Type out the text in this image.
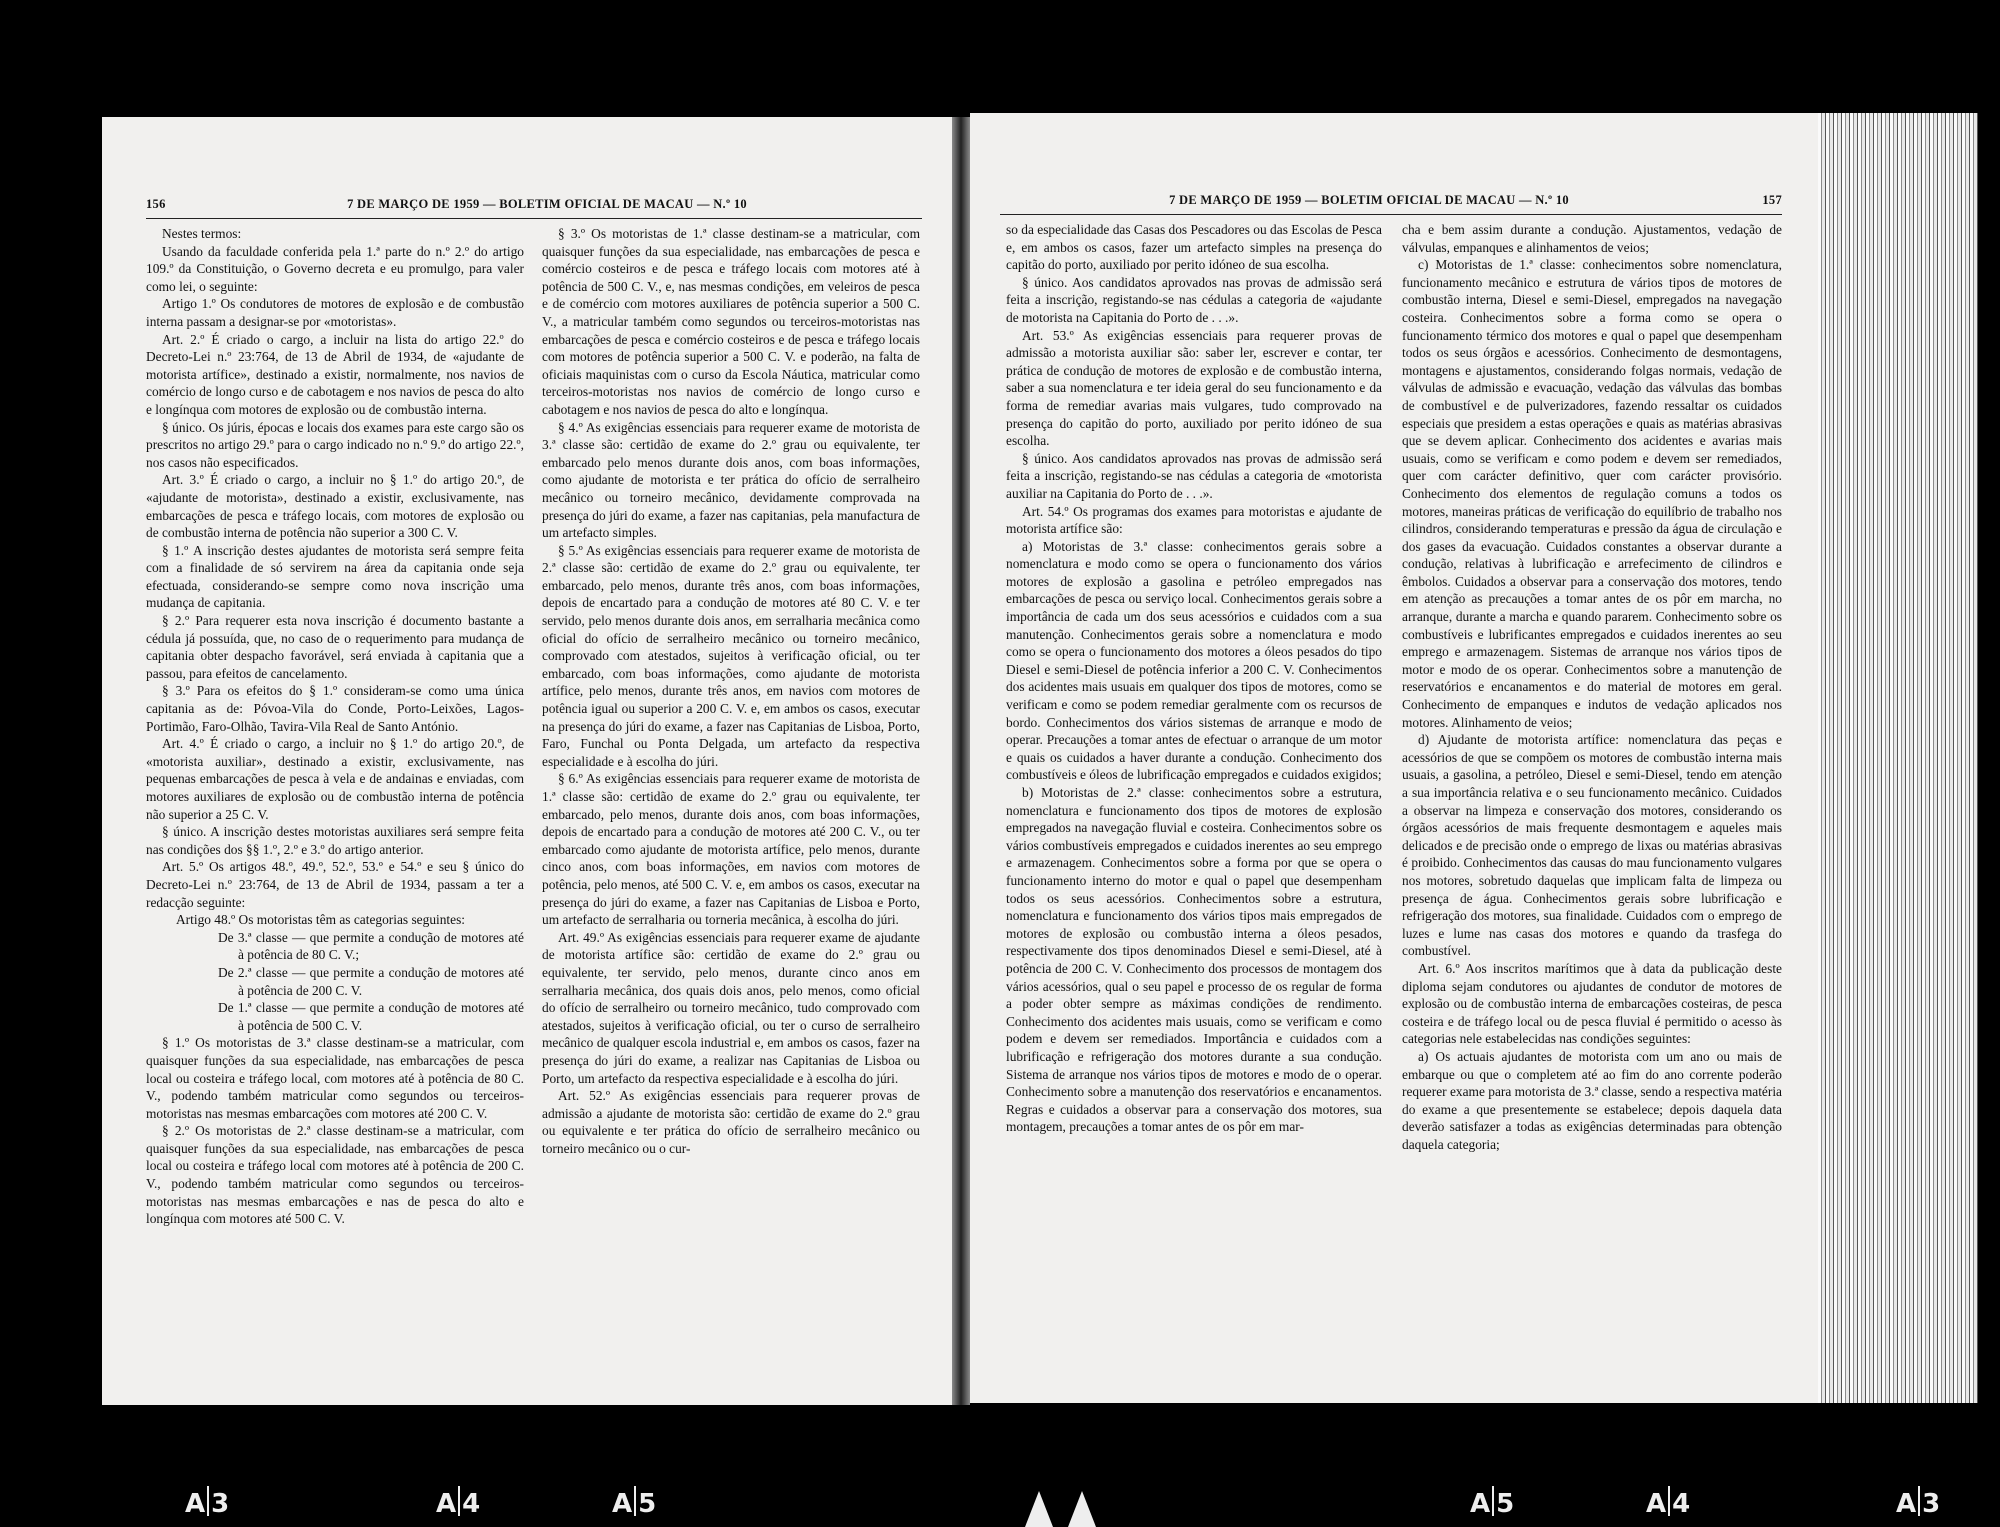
156	7 DE MARÇO DE 1959 — BOLETIM OFICIAL DE MACAU — N.º 10

Nestes termos:

Usando da faculdade conferida pela 1.ª parte do n.º 2.º do artigo 109.º da Constituição, o Governo decreta e eu promulgo, para valer como lei, o seguinte:

Artigo 1.º Os condutores de motores de explosão e de combustão interna passam a designar-se por «motoristas».

Art. 2.º É criado o cargo, a incluir na lista do artigo 22.º do Decreto-Lei n.º 23:764, de 13 de Abril de 1934, de «ajudante de motorista artífice», destinado a existir, normalmente, nos navios de comércio de longo curso e de cabotagem e nos navios de pesca do alto e longínqua com motores de explosão ou de combustão interna.

§ único. Os júris, épocas e locais dos exames para este cargo são os prescritos no artigo 29.º para o cargo indicado no n.º 9.º do artigo 22.º, nos casos não especificados.

Art. 3.º É criado o cargo, a incluir no § 1.º do artigo 20.º, de «ajudante de motorista», destinado a existir, exclusivamente, nas embarcações de pesca e tráfego locais, com motores de explosão ou de combustão interna de potência não superior a 300 C. V.

§ 1.º A inscrição destes ajudantes de motorista será sempre feita com a finalidade de só servirem na área da capitania onde seja efectuada, considerando-se sempre como nova inscrição uma mudança de capitania.

§ 2.º Para requerer esta nova inscrição é documento bastante a cédula já possuída, que, no caso de o requerimento para mudança de capitania obter despacho favorável, será enviada à capitania que a passou, para efeitos de cancelamento.

§ 3.º Para os efeitos do § 1.º consideram-se como uma única capitania as de: Póvoa-Vila do Conde, Porto-Leixões, Lagos-Portimão, Faro-Olhão, Tavira-Vila Real de Santo António.

Art. 4.º É criado o cargo, a incluir no § 1.º do artigo 20.º, de «motorista auxiliar», destinado a existir, exclusivamente, nas pequenas embarcações de pesca à vela e de andainas e enviadas, com motores auxiliares de explosão ou de combustão interna de potência não superior a 25 C. V.

§ único. A inscrição destes motoristas auxiliares será sempre feita nas condições dos §§ 1.º, 2.º e 3.º do artigo anterior.

Art. 5.º Os artigos 48.º, 49.º, 52.º, 53.º e 54.º e seu § único do Decreto-Lei n.º 23:764, de 13 de Abril de 1934, passam a ter a redacção seguinte:

Artigo 48.º Os motoristas têm as categorias seguintes:

De 3.ª classe — que permite a condução de motores até à potência de 80 C. V.;

De 2.ª classe — que permite a condução de motores até à potência de 200 C. V.

De 1.ª classe — que permite a condução de motores até à potência de 500 C. V.

§ 1.º Os motoristas de 3.ª classe destinam-se a matricular, com quaisquer funções da sua especialidade, nas embarcações de pesca local ou costeira e tráfego local, com motores até à potência de 80 C. V., podendo também matricular como segundos ou terceiros-motoristas nas mesmas embarcações com motores até 200 C. V.

§ 2.º Os motoristas de 2.ª classe destinam-se a matricular, com quaisquer funções da sua especialidade, nas embarcações de pesca local ou costeira e tráfego local com motores até à potência de 200 C. V., podendo também matricular como segundos ou terceiros-motoristas nas mesmas embarcações e nas de pesca do alto e longínqua com motores até 500 C. V.

§ 3.º Os motoristas de 1.ª classe destinam-se a matricular, com quaisquer funções da sua especialidade, nas embarcações de pesca e comércio costeiros e de pesca e tráfego locais com motores até à potência de 500 C. V., e, nas mesmas condições, em veleiros de pesca e de comércio com motores auxiliares de potência superior a 500 C. V., a matricular também como segundos ou terceiros-motoristas nas embarcações de pesca e comércio costeiros e de pesca e tráfego locais com motores de potência superior a 500 C. V. e poderão, na falta de oficiais maquinistas com o curso da Escola Náutica, matricular como terceiros-motoristas nos navios de comércio de longo curso e cabotagem e nos navios de pesca do alto e longínqua.

§ 4.º As exigências essenciais para requerer exame de motorista de 3.ª classe são: certidão de exame do 2.º grau ou equivalente, ter embarcado pelo menos durante dois anos, com boas informações, como ajudante de motorista e ter prática do ofício de serralheiro mecânico ou torneiro mecânico, devidamente comprovada na presença do júri do exame, a fazer nas capitanias, pela manufactura de um artefacto simples.

§ 5.º As exigências essenciais para requerer exame de motorista de 2.ª classe são: certidão de exame do 2.º grau ou equivalente, ter embarcado, pelo menos, durante três anos, com boas informações, depois de encartado para a condução de motores até 80 C. V. e ter servido, pelo menos durante dois anos, em serralharia mecânica como oficial do ofício de serralheiro mecânico ou torneiro mecânico, comprovado com atestados, sujeitos à verificação oficial, ou ter embarcado, com boas informações, como ajudante de motorista artífice, pelo menos, durante três anos, em navios com motores de potência igual ou superior a 200 C. V. e, em ambos os casos, executar na presença do júri do exame, a fazer nas Capitanias de Lisboa, Porto, Faro, Funchal ou Ponta Delgada, um artefacto da respectiva especialidade e à escolha do júri.

§ 6.º As exigências essenciais para requerer exame de motorista de 1.ª classe são: certidão de exame do 2.º grau ou equivalente, ter embarcado, pelo menos, durante dois anos, com boas informações, depois de encartado para a condução de motores até 200 C. V., ou ter embarcado como ajudante de motorista artífice, pelo menos, durante cinco anos, com boas informações, em navios com motores de potência, pelo menos, até 500 C. V. e, em ambos os casos, executar na presença do júri do exame, a fazer nas Capitanias de Lisboa e Porto, um artefacto de serralharia ou torneria mecânica, à escolha do júri.

Art. 49.º As exigências essenciais para requerer exame de ajudante de motorista artífice são: certidão de exame do 2.º grau ou equivalente, ter servido, pelo menos, durante cinco anos em serralharia mecânica, dos quais dois anos, pelo menos, como oficial do ofício de serralheiro ou torneiro mecânico, tudo comprovado com atestados, sujeitos à verificação oficial, ou ter o curso de serralheiro mecânico de qualquer escola industrial e, em ambos os casos, fazer na presença do júri do exame, a realizar nas Capitanias de Lisboa ou Porto, um artefacto da respectiva especialidade e à escolha do júri.

Art. 52.º As exigências essenciais para requerer provas de admissão a ajudante de motorista são: certidão de exame do 2.º grau ou equivalente e ter prática do ofício de serralheiro mecânico ou torneiro mecânico ou o cur-

7 DE MARÇO DE 1959 — BOLETIM OFICIAL DE MACAU — N.º 10	157

so da especialidade das Casas dos Pescadores ou das Escolas de Pesca e, em ambos os casos, fazer um artefacto simples na presença do capitão do porto, auxiliado por perito idóneo de sua escolha.

§ único. Aos candidatos aprovados nas provas de admissão será feita a inscrição, registando-se nas cédulas a categoria de «ajudante de motorista na Capitania do Porto de . . .».

Art. 53.º As exigências essenciais para requerer provas de admissão a motorista auxiliar são: saber ler, escrever e contar, ter prática de condução de motores de explosão e de combustão interna, saber a sua nomenclatura e ter ideia geral do seu funcionamento e da forma de remediar avarias mais vulgares, tudo comprovado na presença do capitão do porto, auxiliado por perito idóneo de sua escolha.

§ único. Aos candidatos aprovados nas provas de admissão será feita a inscrição, registando-se nas cédulas a categoria de «motorista auxiliar na Capitania do Porto de . . .».

Art. 54.º Os programas dos exames para motoristas e ajudante de motorista artífice são:

a) Motoristas de 3.ª classe: conhecimentos gerais sobre a nomenclatura e modo como se opera o funcionamento dos vários motores de explosão a gasolina e petróleo empregados nas embarcações de pesca ou serviço local. Conhecimentos gerais sobre a importância de cada um dos seus acessórios e cuidados com a sua manutenção. Conhecimentos gerais sobre a nomenclatura e modo como se opera o funcionamento dos motores a óleos pesados do tipo Diesel e semi-Diesel de potência inferior a 200 C. V. Conhecimentos dos acidentes mais usuais em qualquer dos tipos de motores, como se verificam e como se podem remediar geralmente com os recursos de bordo. Conhecimentos dos vários sistemas de arranque e modo de operar. Precauções a tomar antes de efectuar o arranque de um motor e quais os cuidados a haver durante a condução. Conhecimento dos combustíveis e óleos de lubrificação empregados e cuidados exigidos;

b) Motoristas de 2.ª classe: conhecimentos sobre a estrutura, nomenclatura e funcionamento dos tipos de motores de explosão empregados na navegação fluvial e costeira. Conhecimentos sobre os vários combustíveis empregados e cuidados inerentes ao seu emprego e armazenagem. Conhecimentos sobre a forma por que se opera o funcionamento interno do motor e qual o papel que desempenham todos os seus acessórios. Conhecimentos sobre a estrutura, nomenclatura e funcionamento dos vários tipos mais empregados de motores de explosão ou combustão interna a óleos pesados, respectivamente dos tipos denominados Diesel e semi-Diesel, até à potência de 200 C. V. Conhecimento dos processos de montagem dos vários acessórios, qual o seu papel e processo de os regular de forma a poder obter sempre as máximas condições de rendimento. Conhecimento dos acidentes mais usuais, como se verificam e como podem e devem ser remediados. Importância e cuidados com a lubrificação e refrigeração dos motores durante a sua condução. Sistema de arranque nos vários tipos de motores e modo de o operar. Conhecimento sobre a manutenção dos reservatórios e encanamentos. Regras e cuidados a observar para a conservação dos motores, sua montagem, precauções a tomar antes de os pôr em mar-

cha e bem assim durante a condução. Ajustamentos, vedação de válvulas, empanques e alinhamentos de veios;

c) Motoristas de 1.ª classe: conhecimentos sobre nomenclatura, funcionamento mecânico e estrutura de vários tipos de motores de combustão interna, Diesel e semi-Diesel, empregados na navegação costeira. Conhecimentos sobre a forma como se opera o funcionamento térmico dos motores e qual o papel que desempenham todos os seus órgãos e acessórios. Conhecimento de desmontagens, montagens e ajustamentos, considerando folgas normais, vedação de válvulas de admissão e evacuação, vedação das válvulas das bombas de combustível e de pulverizadores, fazendo ressaltar os cuidados especiais que presidem a estas operações e quais as matérias abrasivas que se devem aplicar. Conhecimento dos acidentes e avarias mais usuais, como se verificam e como podem e devem ser remediados, quer com carácter definitivo, quer com carácter provisório. Conhecimento dos elementos de regulação comuns a todos os motores, maneiras práticas de verificação do equilíbrio de trabalho nos cilindros, considerando temperaturas e pressão da água de circulação e dos gases da evacuação. Cuidados constantes a observar durante a condução, relativas à lubrificação e arrefecimento de cilindros e êmbolos. Cuidados a observar para a conservação dos motores, tendo em atenção as precauções a tomar antes de os pôr em marcha, no arranque, durante a marcha e quando pararem. Conhecimento sobre os combustíveis e lubrificantes empregados e cuidados inerentes ao seu emprego e armazenagem. Sistemas de arranque nos vários tipos de motor e modo de os operar. Conhecimentos sobre a manutenção de reservatórios e encanamentos e do material de motores em geral. Conhecimento de empanques e indutos de vedação aplicados nos motores. Alinhamento de veios;

d) Ajudante de motorista artífice: nomenclatura das peças e acessórios de que se compõem os motores de combustão interna mais usuais, a gasolina, a petróleo, Diesel e semi-Diesel, tendo em atenção a sua importância relativa e o seu funcionamento mecânico. Cuidados a observar na limpeza e conservação dos motores, considerando os órgãos acessórios de mais frequente desmontagem e aqueles mais delicados e de precisão onde o emprego de lixas ou matérias abrasivas é proibido. Conhecimentos das causas do mau funcionamento vulgares nos motores, sobretudo daquelas que implicam falta de limpeza ou presença de água. Conhecimentos gerais sobre lubrificação e refrigeração dos motores, sua finalidade. Cuidados com o emprego de luzes e lume nas casas dos motores e quando da trasfega do combustível.

Art. 6.º Aos inscritos marítimos que à data da publicação deste diploma sejam condutores ou ajudantes de condutor de motores de explosão ou de combustão interna de embarcações costeiras, de pesca costeira e de tráfego local ou de pesca fluvial é permitido o acesso às categorias nele estabelecidas nas condições seguintes:

a) Os actuais ajudantes de motorista com um ano ou mais de embarque ou que o completem até ao fim do ano corrente poderão requerer exame para motorista de 3.ª classe, sendo a respectiva matéria do exame a que presentemente se estabelece; depois daquela data deverão satisfazer a todas as exigências determinadas para obtenção daquela categoria;

A 3	A 4	A 5	A 5	A 4	A 3
